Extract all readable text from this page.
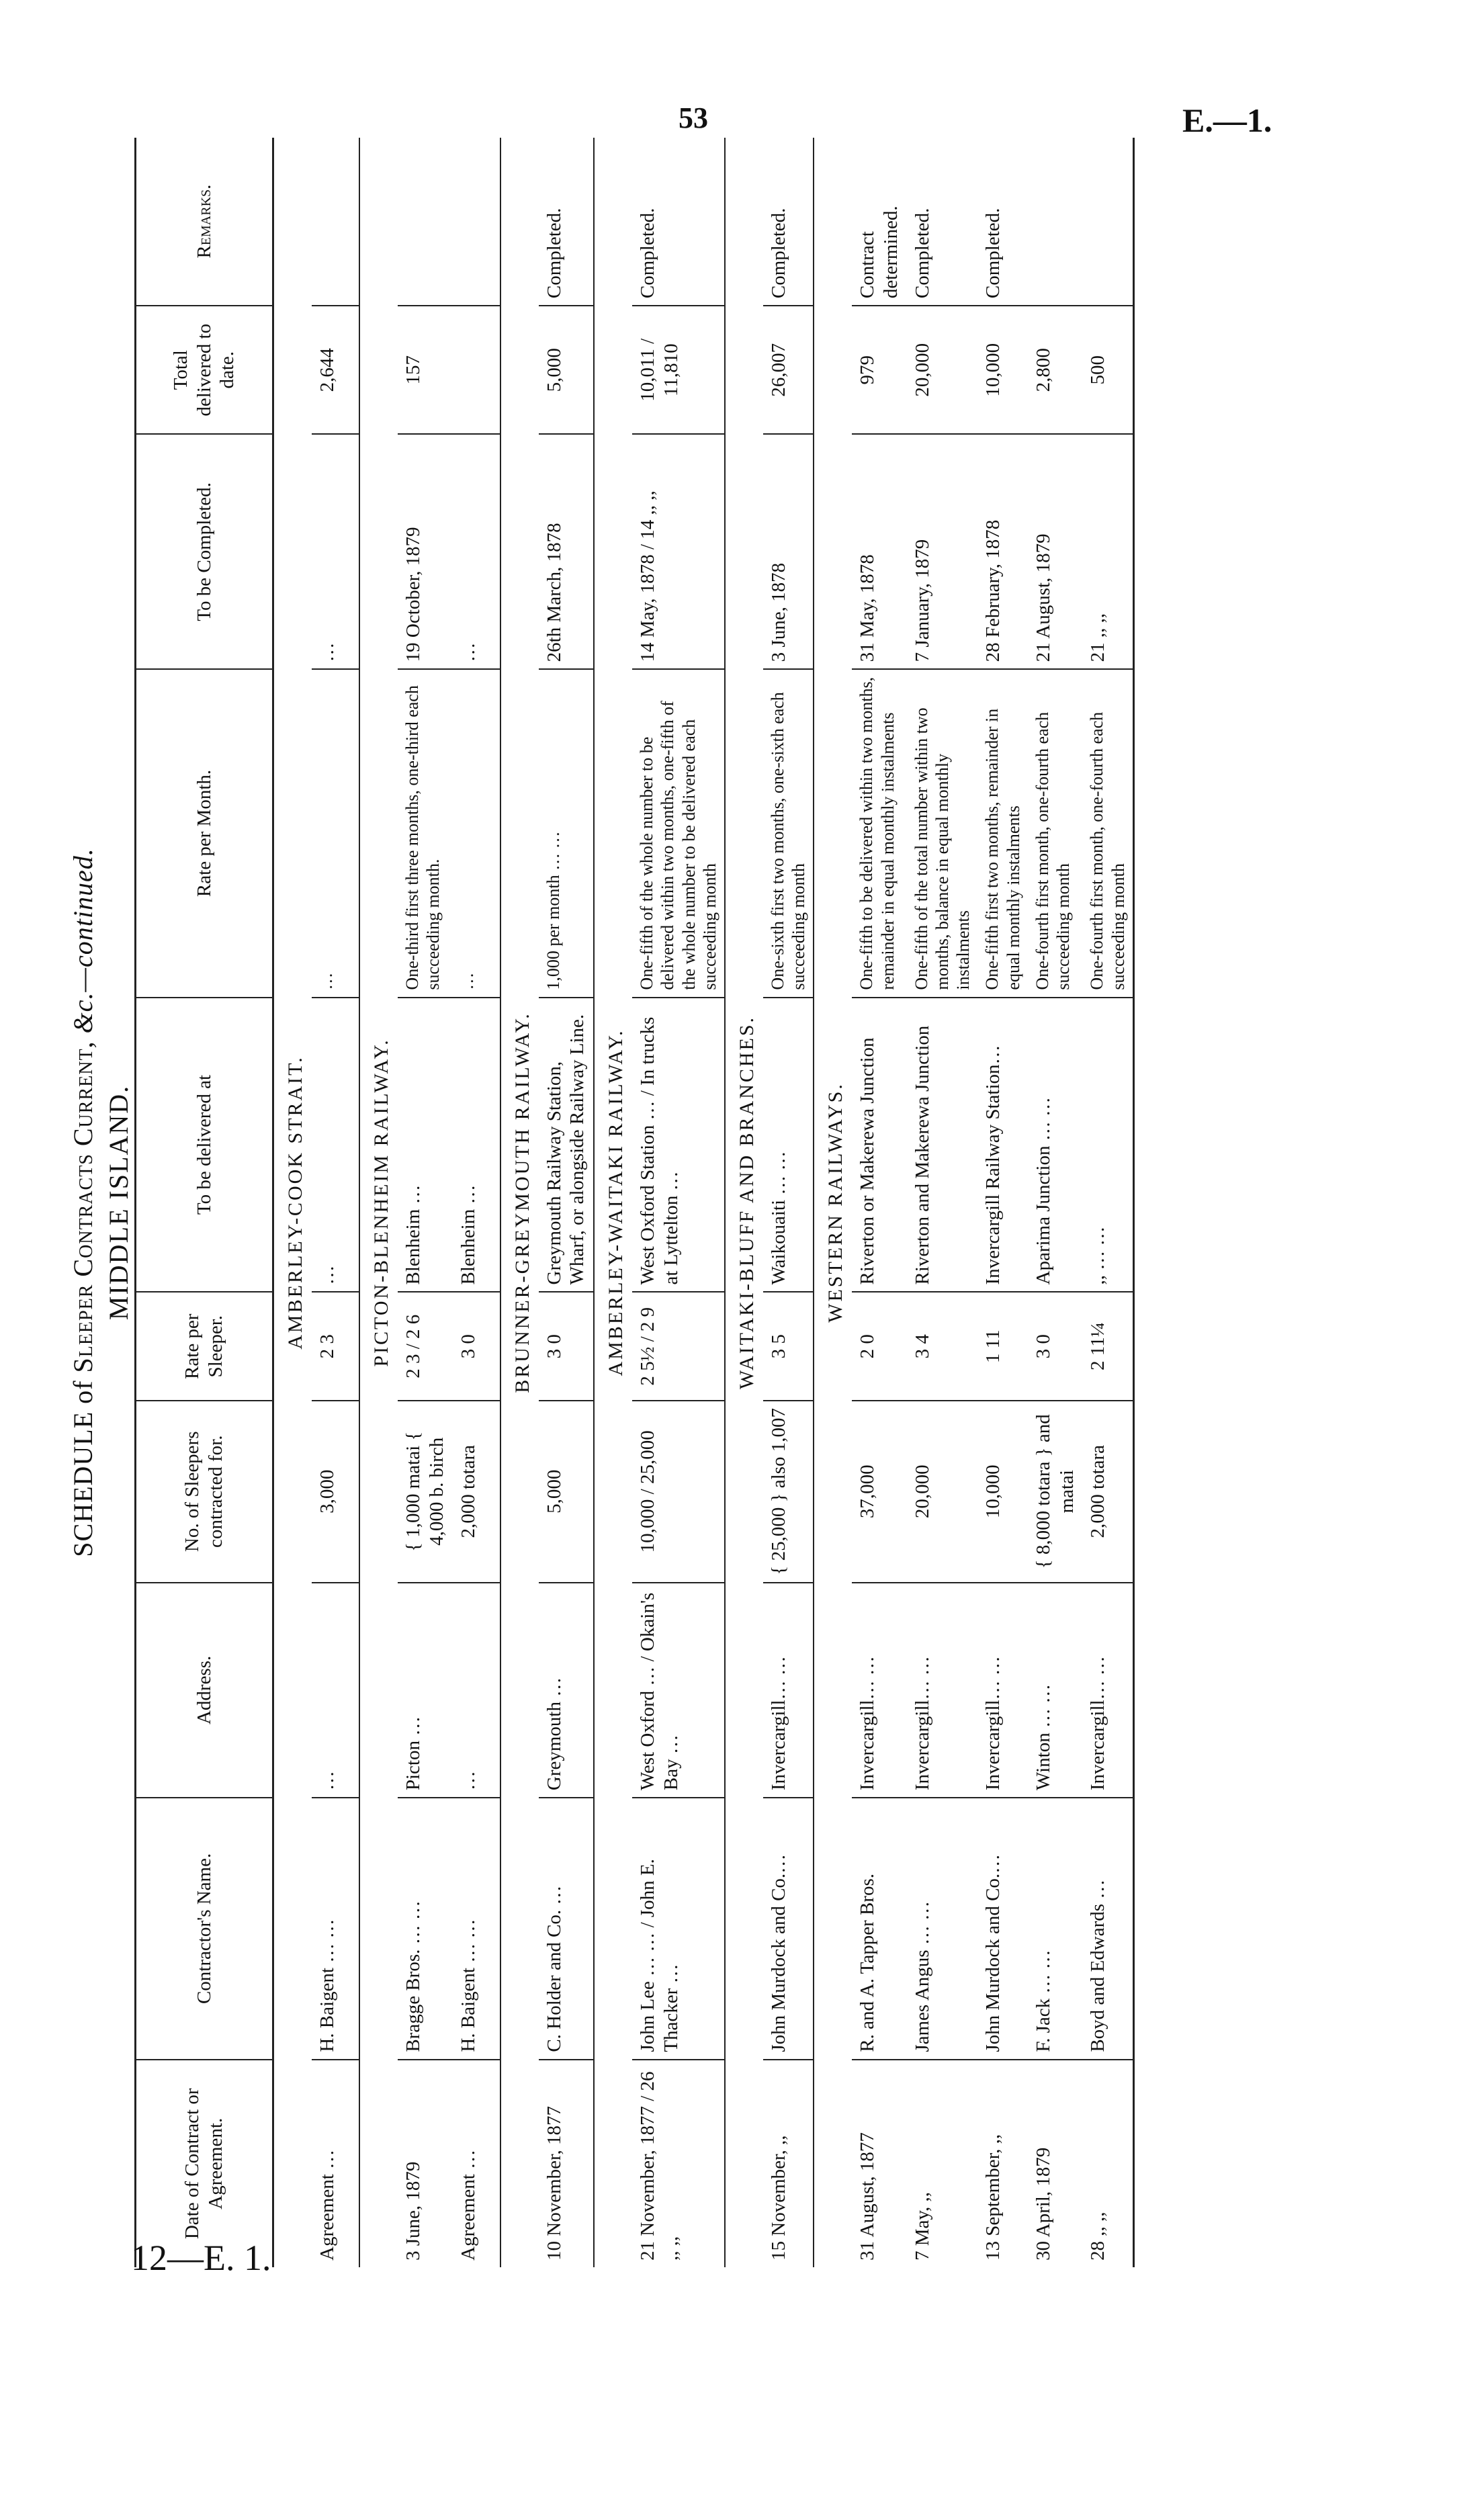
53	E.—1.
SCHEDULE of Sleeper Contracts Current, &c.—continued.
MIDDLE ISLAND.
Date of Contract or Agreement.	Contractor's Name.	Address.	No. of Sleepers contracted for.	Rate per Sleeper.	To be delivered at	Rate per Month.	To be Completed.	Total delivered to date.	Remarks.
AMBERLEY-COOK STRAIT.									
Agreement …	H. Baigent … …	…	3,000	2 3	…	…	…	2,644	
PICTON-BLENHEIM RAILWAY.									
3 June, 1879	Bragge Bros. … …	Picton …	{ 1,000 matai { 4,000 b. birch	2 3 / 2 6	Blenheim …	One-third first three months, one-third each succeeding month.	19 October, 1879	157	
Agreement …	H. Baigent … …	…	2,000 totara	3 0	Blenheim …	…	…		
BRUNNER-GREYMOUTH RAILWAY.									
10 November, 1877	C. Holder and Co. …	Greymouth …	5,000	3 0	Greymouth Railway Station, Wharf, or alongside Railway Line.	1,000 per month … …	26th March, 1878	5,000	Completed.
AMBERLEY-WAITAKI RAILWAY.									
21 November, 1877 / 26 ,, ,,	John Lee … … / John E. Thacker …	West Oxford … / Okain's Bay …	10,000 / 25,000	2 5½ / 2 9	West Oxford Station … / In trucks at Lyttelton …	One-fifth of the whole number to be delivered within two months, one-fifth of the whole number to be delivered each succeeding month	14 May, 1878 / 14 ,, ,,	10,011 / 11,810	Completed.
WAITAKI-BLUFF AND BRANCHES.									
15 November, ,,	John Murdock and Co.…	Invercargill… …	{ 25,000 } also 1,007	3 5	Waikouaiti … …	One-sixth first two months, one-sixth each succeeding month	3 June, 1878	26,007	Completed.
WESTERN RAILWAYS.									
31 August, 1877	R. and A. Tapper Bros.	Invercargill… …	37,000	2 0	Riverton or Makerewa Junction	One-fifth to be delivered within two months, remainder in equal monthly instalments	31 May, 1878	979	Contract determined.
7 May, ,,	James Angus … …	Invercargill… …	20,000	3 4	Riverton and Makerewa Junction	One-fifth of the total number within two months, balance in equal monthly instalments	7 January, 1879	20,000	Completed.
13 September, ,,	John Murdock and Co.…	Invercargill… …	10,000	1 11	Invercargill Railway Station…	One-fifth first two months, remainder in equal monthly instalments	28 February, 1878	10,000	Completed.
30 April, 1879	F. Jack … …	Winton … …	{ 8,000 totara } and matai	3 0	Aparima Junction … …	One-fourth first month, one-fourth each succeeding month	21 August, 1879	2,800	
28 ,, ,,	Boyd and Edwards …	Invercargill… …	2,000 totara	2 11¼	,, … …	One-fourth first month, one-fourth each succeeding month	21 ,, ,,	500	
12—E. 1.
